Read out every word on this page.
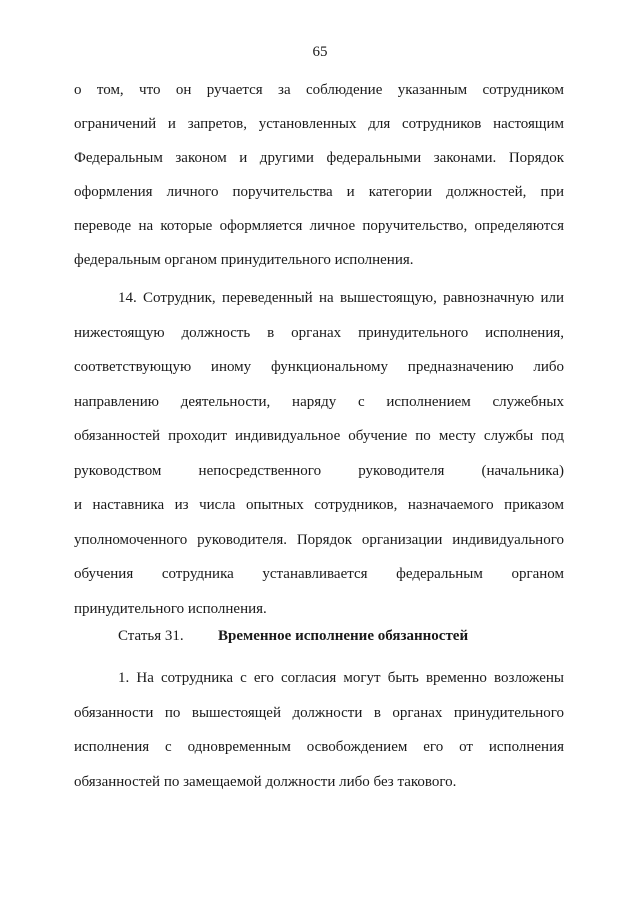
65
о том, что он ручается за соблюдение указанным сотрудником
ограничений и запретов, установленных для сотрудников настоящим
Федеральным законом и другими федеральными законами. Порядок
оформления личного поручительства и категории должностей, при
переводе на которые оформляется личное поручительство, определяются
федеральным органом принудительного исполнения.
14. Сотрудник, переведенный на вышестоящую, равнозначную или
нижестоящую должность в органах принудительного исполнения,
соответствующую иному функциональному предназначению либо
направлению деятельности, наряду с исполнением служебных
обязанностей проходит индивидуальное обучение по месту службы под
руководством непосредственного руководителя (начальника)
и наставника из числа опытных сотрудников, назначаемого приказом
уполномоченного руководителя. Порядок организации индивидуального
обучения сотрудника устанавливается федеральным органом
принудительного исполнения.
Статья 31. Временное исполнение обязанностей
1. На сотрудника с его согласия могут быть временно возложены
обязанности по вышестоящей должности в органах принудительного
исполнения с одновременным освобождением его от исполнения
обязанностей по замещаемой должности либо без такового.
